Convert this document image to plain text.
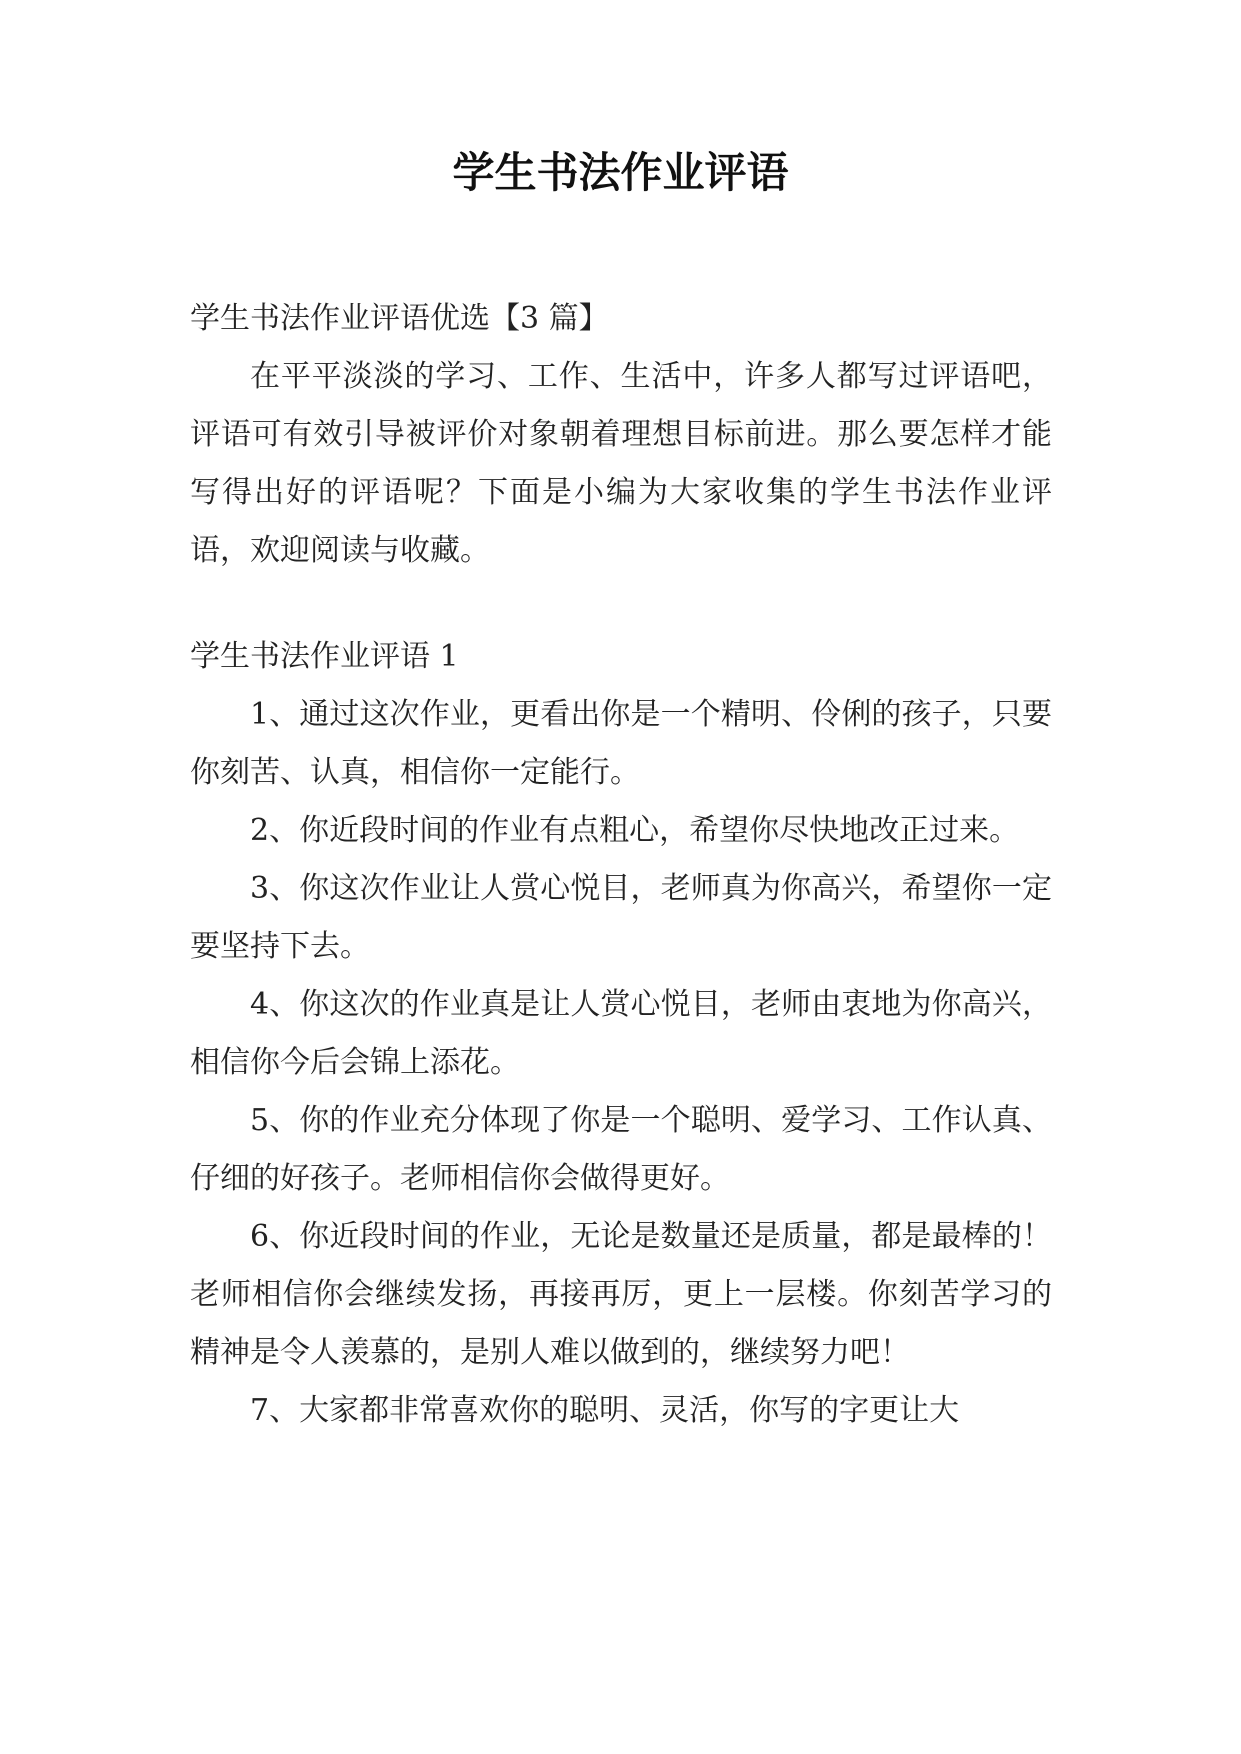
学生书法作业评语

学生书法作业评语优选【3 篇】

在平平淡淡的学习、工作、生活中，许多人都写过评语吧，评语可有效引导被评价对象朝着理想目标前进。那么要怎样才能写得出好的评语呢？下面是小编为大家收集的学生书法作业评语，欢迎阅读与收藏。

学生书法作业评语 1

1、通过这次作业，更看出你是一个精明、伶俐的孩子，只要你刻苦、认真，相信你一定能行。

2、你近段时间的作业有点粗心，希望你尽快地改正过来。

3、你这次作业让人赏心悦目，老师真为你高兴，希望你一定要坚持下去。

4、你这次的作业真是让人赏心悦目，老师由衷地为你高兴，相信你今后会锦上添花。

5、你的作业充分体现了你是一个聪明、爱学习、工作认真、仔细的好孩子。老师相信你会做得更好。

6、你近段时间的作业，无论是数量还是质量，都是最棒的！老师相信你会继续发扬，再接再厉，更上一层楼。你刻苦学习的精神是令人羡慕的，是别人难以做到的，继续努力吧！

7、大家都非常喜欢你的聪明、灵活，你写的字更让大
